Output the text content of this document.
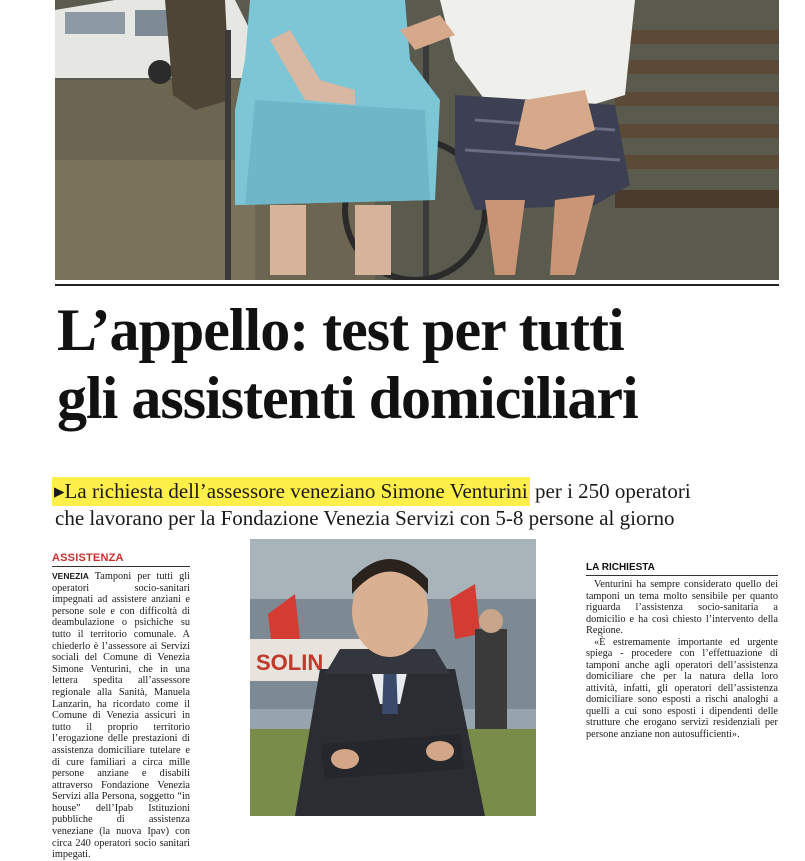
L’appello: test per tutti
gli assistenti domiciliari
▸La richiesta dell’assessore veneziano Simone Venturini per i 250 operatori
che lavorano per la Fondazione Venezia Servizi con 5-8 persone al giorno
ASSISTENZA

VENEZIA Tamponi per tutti gli operatori socio-sanitari impegnati ad assistere anziani e persone sole e con difficoltà di deambulazione o psichiche su tutto il territorio comunale. A chiederlo è l’assessore ai Servizi sociali del Comune di Venezia Simone Venturini, che in una lettera spedita all’assessore regionale alla Sanità, Manuela Lanzarin, ha ricordato come il Comune di Venezia assicuri in tutto il proprio territorio l’erogazione delle prestazioni di assistenza domiciliare tutelare e di cure familiari a circa mille persone anziane e disabili attraverso Fondazione Venezia Servizi alla Persona, soggetto “in house” dell’Ipab Istituzioni pubbliche di assistenza veneziane (la nuova Ipav) con circa 240 operatori socio sanitari impegati.

SOLIN
LA RICHIESTA

Venturini ha sempre considerato quello dei tamponi un tema molto sensibile per quanto riguarda l’assistenza socio-sanitaria a domicilio e ha così chiesto l’intervento della Regione.

«È estremamente importante ed urgente spiega - procedere con l’effettuazione di tamponi anche agli operatori dell’assistenza domiciliare che per la natura della loro attività, infatti, gli operatori dell’assistenza domiciliare sono esposti a rischi analoghi a quelli a cui sono esposti i dipendenti delle strutture che erogano servizi residenziali per persone anziane non autosufficienti».
